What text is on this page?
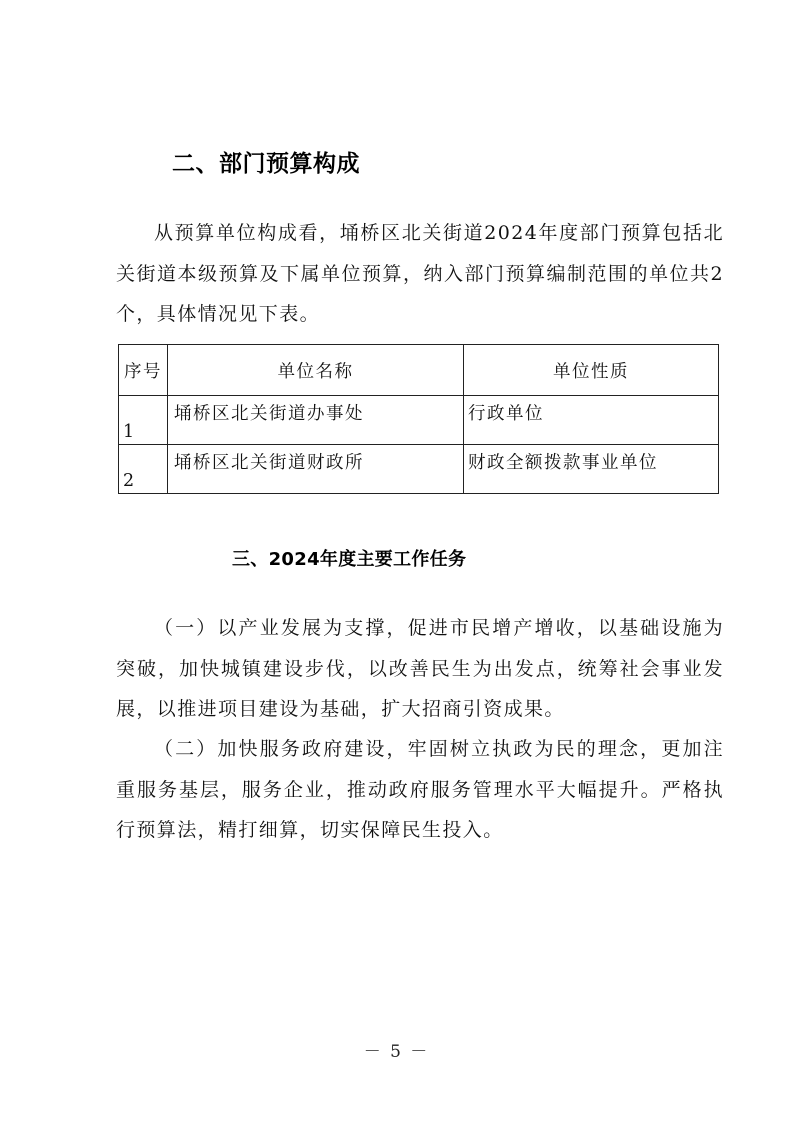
二、部门预算构成

从预算单位构成看，埇桥区北关街道2024年度部门预算包括北关街道本级预算及下属单位预算，纳入部门预算编制范围的单位共2个，具体情况见下表。

序号	单位名称	单位性质
1	埇桥区北关街道办事处	行政单位
2	埇桥区北关街道财政所	财政全额拨款事业单位
三、2024年度主要工作任务

（一）以产业发展为支撑，促进市民增产增收，以基础设施为突破，加快城镇建设步伐，以改善民生为出发点，统筹社会事业发展，以推进项目建设为基础，扩大招商引资成果。

（二）加快服务政府建设，牢固树立执政为民的理念，更加注重服务基层，服务企业，推动政府服务管理水平大幅提升。严格执行预算法，精打细算，切实保障民生投入。

－ 5 －
